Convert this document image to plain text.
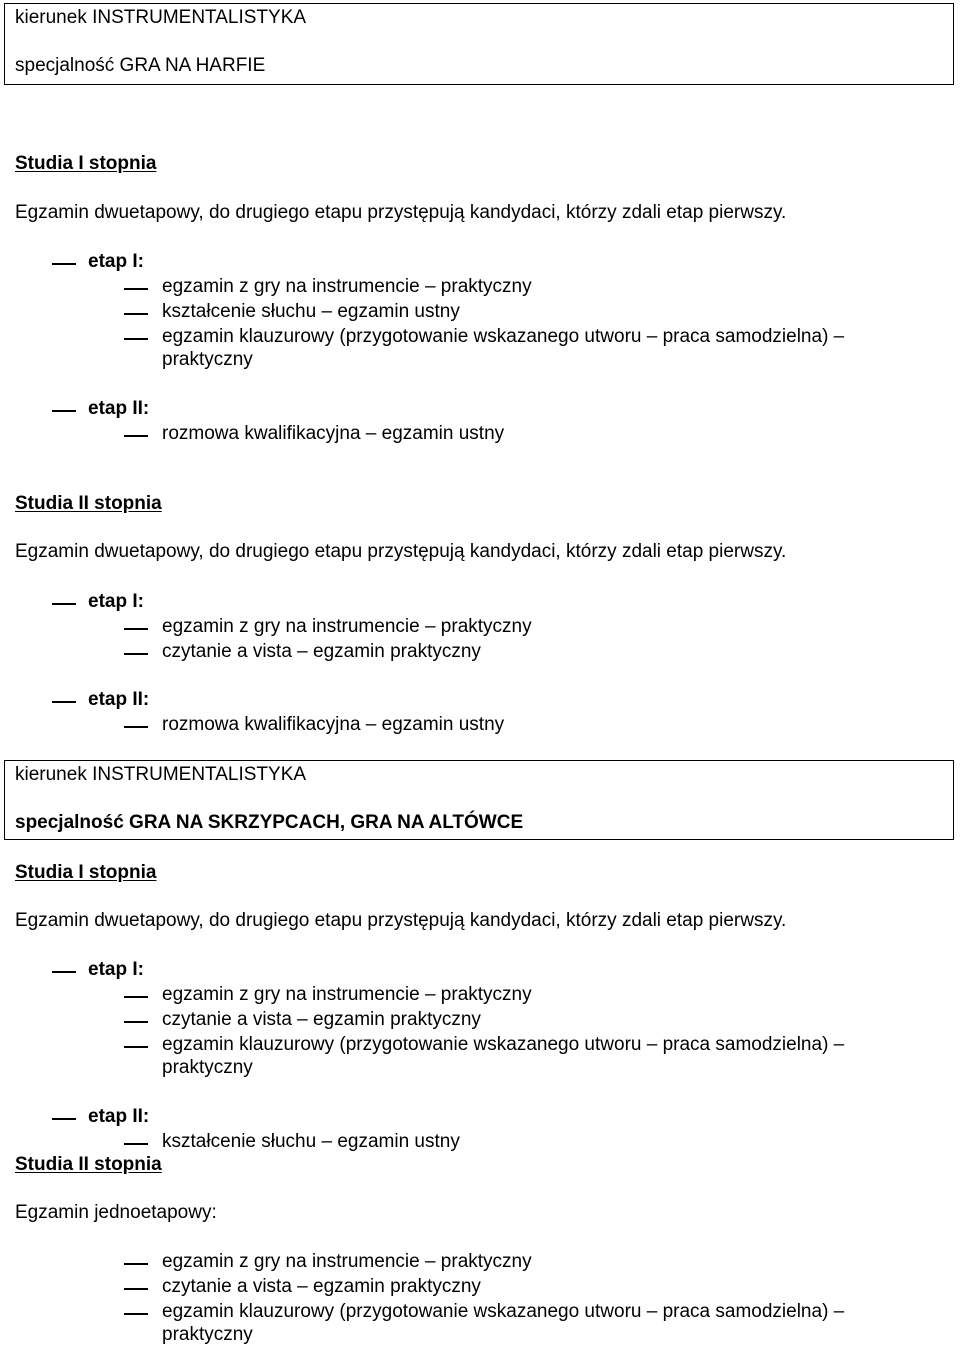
kierunek INSTRUMENTALISTYKA
specjalność GRA NA HARFIE
Studia I stopnia
Egzamin dwuetapowy, do drugiego etapu przystępują kandydaci, którzy zdali etap pierwszy.
etap I:
egzamin z gry na instrumencie – praktyczny
kształcenie słuchu – egzamin ustny
egzamin klauzurowy (przygotowanie wskazanego utworu – praca samodzielna) –
praktyczny
etap II:
rozmowa kwalifikacyjna – egzamin ustny
Studia II stopnia
Egzamin dwuetapowy, do drugiego etapu przystępują kandydaci, którzy zdali etap pierwszy.
etap I:
egzamin z gry na instrumencie – praktyczny
czytanie a vista – egzamin praktyczny
etap II:
rozmowa kwalifikacyjna – egzamin ustny
kierunek INSTRUMENTALISTYKA
specjalność GRA NA SKRZYPCACH, GRA NA ALTÓWCE
Studia I stopnia
Egzamin dwuetapowy, do drugiego etapu przystępują kandydaci, którzy zdali etap pierwszy.
etap I:
egzamin z gry na instrumencie – praktyczny
czytanie a vista – egzamin praktyczny
egzamin klauzurowy (przygotowanie wskazanego utworu – praca samodzielna) –
praktyczny
etap II:
kształcenie słuchu – egzamin ustny
Studia II stopnia
Egzamin jednoetapowy:
egzamin z gry na instrumencie – praktyczny
czytanie a vista – egzamin praktyczny
egzamin klauzurowy (przygotowanie wskazanego utworu – praca samodzielna) –
praktyczny
